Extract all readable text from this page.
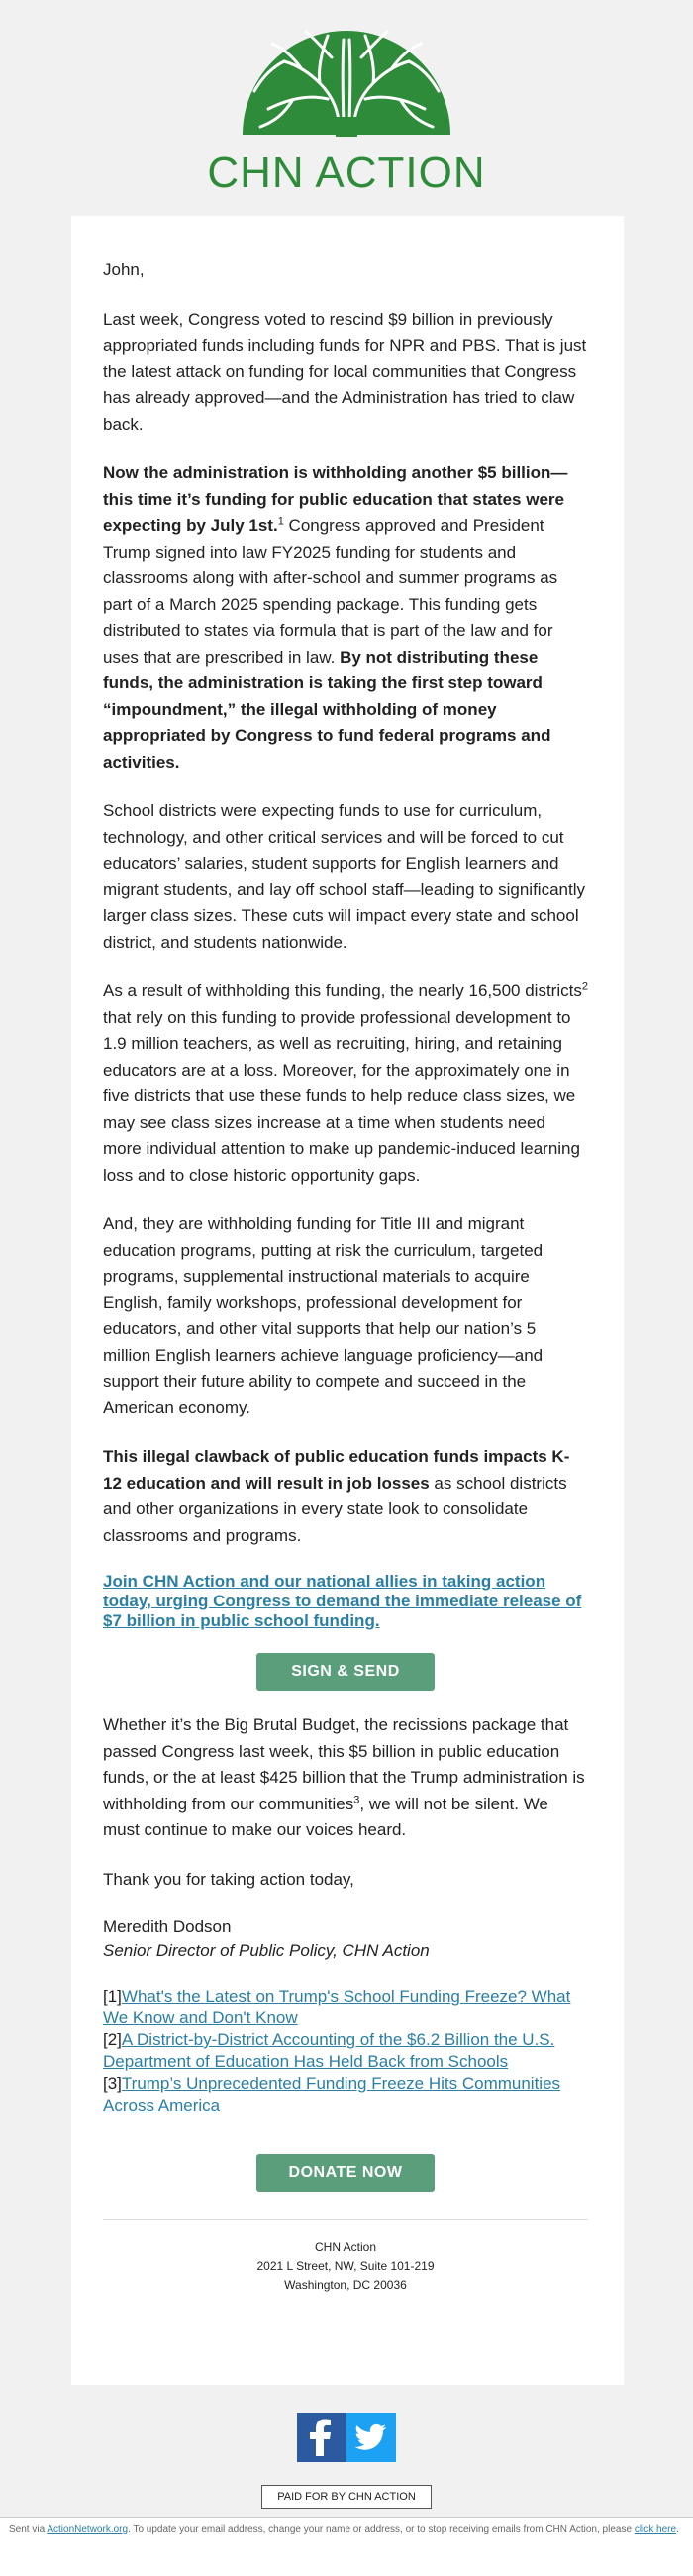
CHN ACTION

John,

Last week, Congress voted to rescind $9 billion in previously appropriated funds including funds for NPR and PBS. That is just the latest attack on funding for local communities that Congress has already approved—and the Administration has tried to claw back.

Now the administration is withholding another $5 billion—this time it’s funding for public education that states were expecting by July 1st.$^1$ Congress approved and President Trump signed into law FY2025 funding for students and classrooms along with after-school and summer programs as part of a March 2025 spending package. This funding gets distributed to states via formula that is part of the law and for uses that are prescribed in law. By not distributing these funds, the administration is taking the first step toward “impoundment,” the illegal withholding of money appropriated by Congress to fund federal programs and activities.

School districts were expecting funds to use for curriculum, technology, and other critical services and will be forced to cut educators’ salaries, student supports for English learners and migrant students, and lay off school staff—leading to significantly larger class sizes. These cuts will impact every state and school district, and students nationwide.

As a result of withholding this funding, the nearly 16,500 districts$^2$ that rely on this funding to provide professional development to 1.9 million teachers, as well as recruiting, hiring, and retaining educators are at a loss. Moreover, for the approximately one in five districts that use these funds to help reduce class sizes, we may see class sizes increase at a time when students need more individual attention to make up pandemic-induced learning loss and to close historic opportunity gaps.

And, they are withholding funding for Title III and migrant education programs, putting at risk the curriculum, targeted programs, supplemental instructional materials to acquire English, family workshops, professional development for educators, and other vital supports that help our nation’s 5 million English learners achieve language proficiency—and support their future ability to compete and succeed in the American economy.

This illegal clawback of public education funds impacts K-12 education and will result in job losses as school districts and other organizations in every state look to consolidate classrooms and programs.

Join CHN Action and our national allies in taking action today, urging Congress to demand the immediate release of $7 billion in public school funding.
SIGN & SEND

Whether it’s the Big Brutal Budget, the recissions package that passed Congress last week, this $5 billion in public education funds, or the at least $425 billion that the Trump administration is withholding from our communities$^3$, we will not be silent. We must continue to make our voices heard.

Thank you for taking action today,

Meredith Dodson
Senior Director of Public Policy, CHN Action

[1]What's the Latest on Trump's School Funding Freeze? What We Know and Don't Know
[2]A District-by-District Accounting of the $6.2 Billion the U.S. Department of Education Has Held Back from Schools
[3]Trump’s Unprecedented Funding Freeze Hits Communities Across America
DONATE NOW
CHN Action
2021 L Street, NW, Suite 101-219
Washington, DC 20036
PAID FOR BY CHN ACTION
Sent via ActionNetwork.org. To update your email address, change your name or address, or to stop receiving emails from CHN Action, please click here.
